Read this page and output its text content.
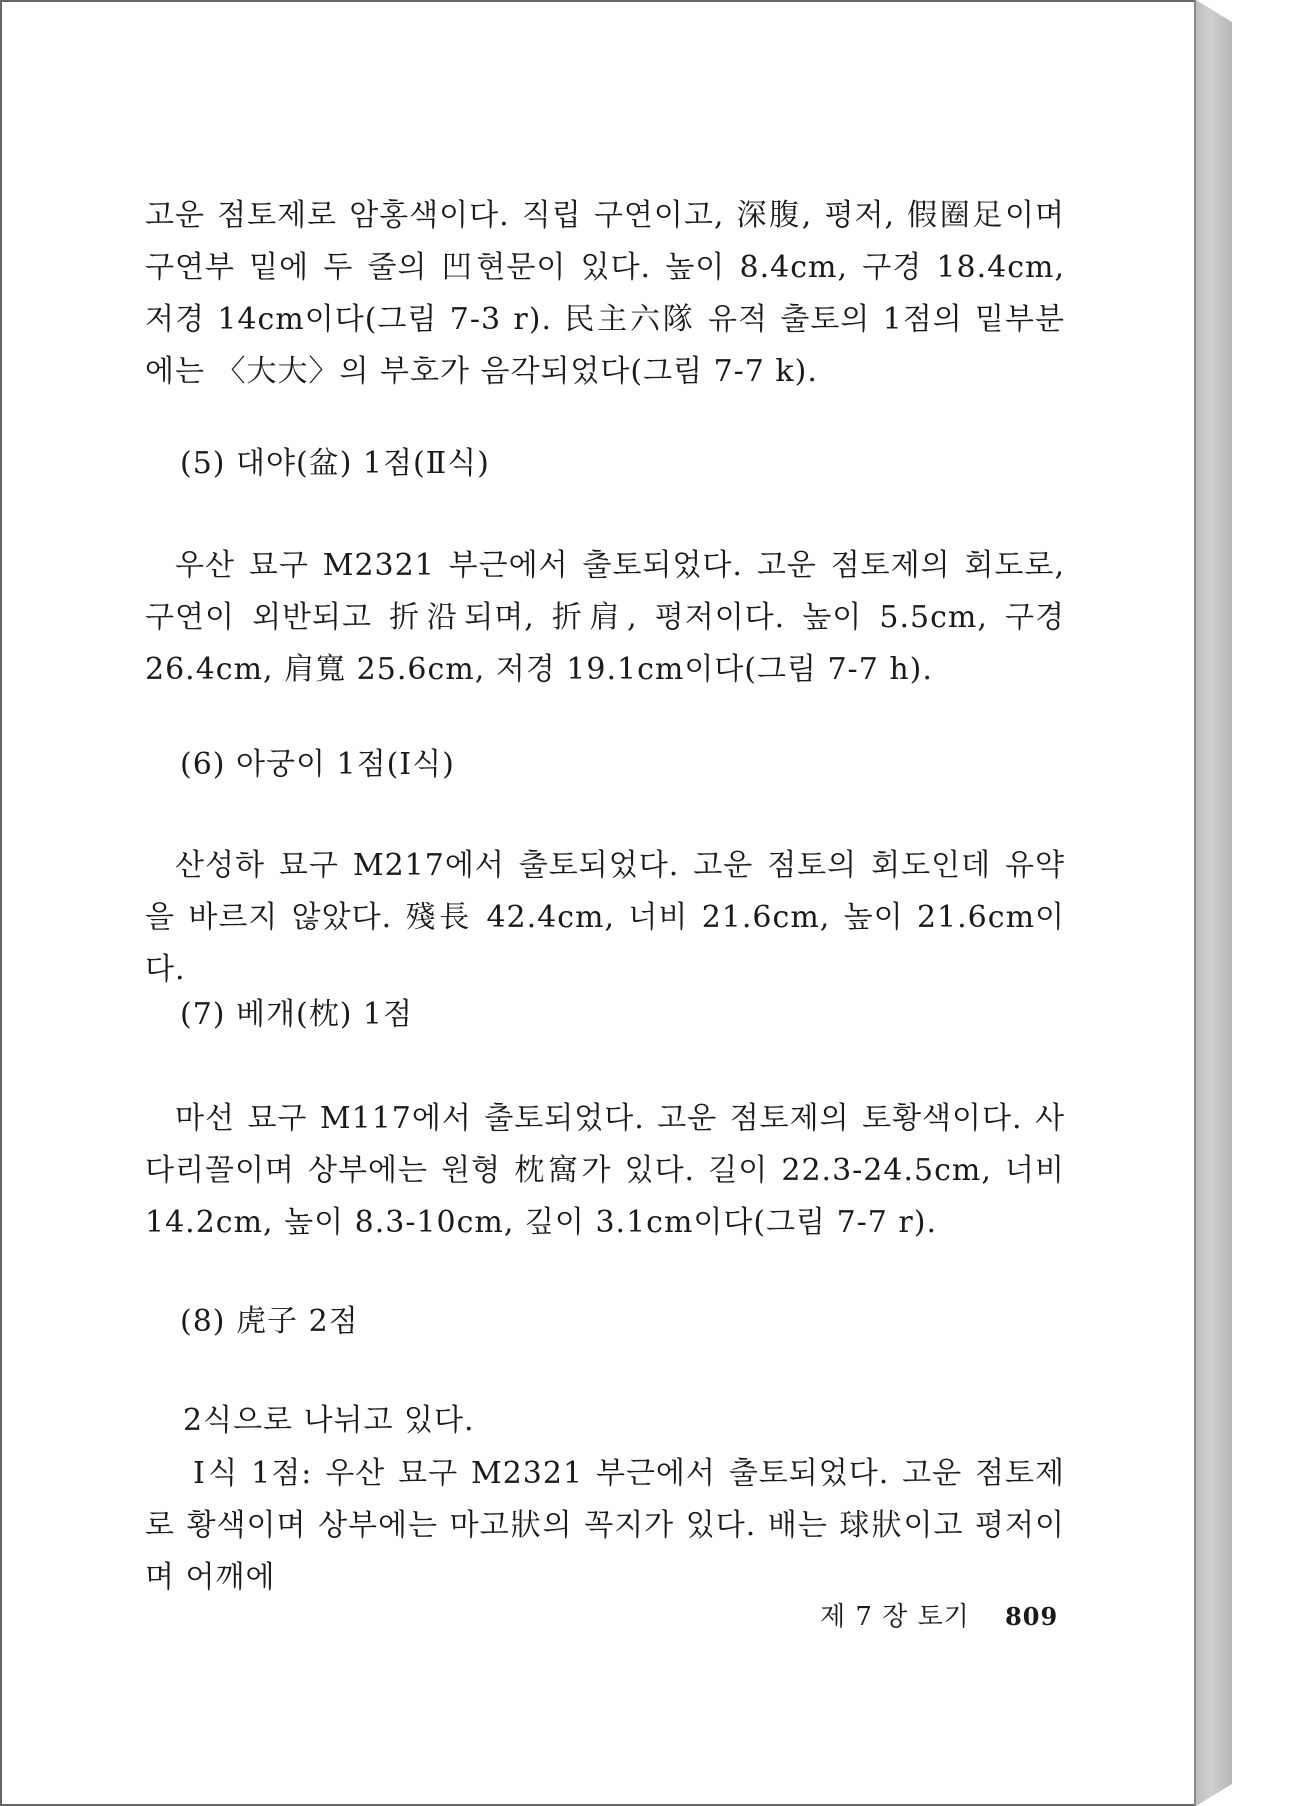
고운 점토제로 암홍색이다. 직립 구연이고, 深腹, 평저, 假圈足이며 구연부 밑에 두 줄의 凹현문이 있다. 높이 8.4cm, 구경 18.4cm, 저경 14cm이다(그림 7-3 r). 民主六隊 유적 출토의 1점의 밑부분에는 〈大大〉의 부호가 음각되었다(그림 7-7 k).

(5) 대야(盆) 1점(Ⅱ식)

우산 묘구 M2321 부근에서 출토되었다. 고운 점토제의 회도로, 구연이 외반되고 折沿되며, 折肩, 평저이다. 높이 5.5cm, 구경 26.4cm, 肩寬 25.6cm, 저경 19.1cm이다(그림 7-7 h).

(6) 아궁이 1점(Ⅰ식)

산성하 묘구 M217에서 출토되었다. 고운 점토의 회도인데 유약을 바르지 않았다. 殘長 42.4cm, 너비 21.6cm, 높이 21.6cm이다.

(7) 베개(枕) 1점

마선 묘구 M117에서 출토되었다. 고운 점토제의 토황색이다. 사다리꼴이며 상부에는 원형 枕窩가 있다. 길이 22.3-24.5cm, 너비 14.2cm, 높이 8.3-10cm, 깊이 3.1cm이다(그림 7-7 r).

(8) 虎子 2점

2식으로 나뉘고 있다.

Ⅰ식 1점: 우산 묘구 M2321 부근에서 출토되었다. 고운 점토제로 황색이며 상부에는 마고狀의 꼭지가 있다. 배는 球狀이고 평저이며 어깨에

제 7 장 토기 809
